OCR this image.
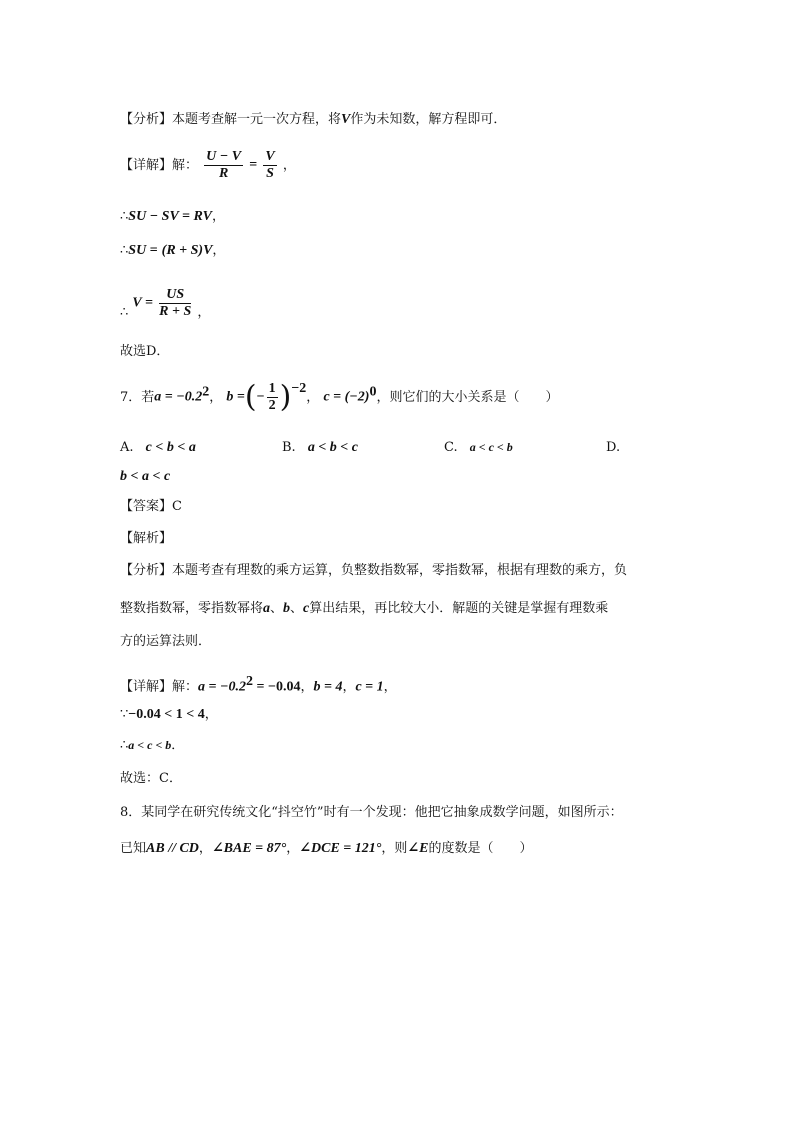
【分析】本题考查解一元一次方程，将V作为未知数，解方程即可．
【详解】解： $\frac{U - V}{R} = \frac{V}{S}$ ，
∴SU − SV = RV，
∴SU = (R + S)V，
∴ $V = \frac{US}{R + S}$ ，
故选D．
7．若$a = -0.2^2$， b =(− $\frac{1}{2} )^{-2}$， $c = (-2)^0$，则它们的大小关系是（　　）
A. c < b < a	B. a < b < c	C. a < c < b	D.
b < a < c
【答案】C
【解析】
【分析】本题考查有理数的乘方运算，负整数指数幂，零指数幂，根据有理数的乘方，负
整数指数幂，零指数幂将a、b、c算出结果，再比较大小．解题的关键是掌握有理数乘
方的运算法则．
【详解】解：$a = -0.2^2 = -0.04$，b = 4，c = 1，
∵−0.04 < 1 < 4，
∴a < c < b．
故选：C．
8．某同学在研究传统文化“抖空竹”时有一个发现：他把它抽象成数学问题，如图所示：
已知AB // CD，∠BAE = 87°，∠DCE = 121°，则∠E的度数是（　　）
